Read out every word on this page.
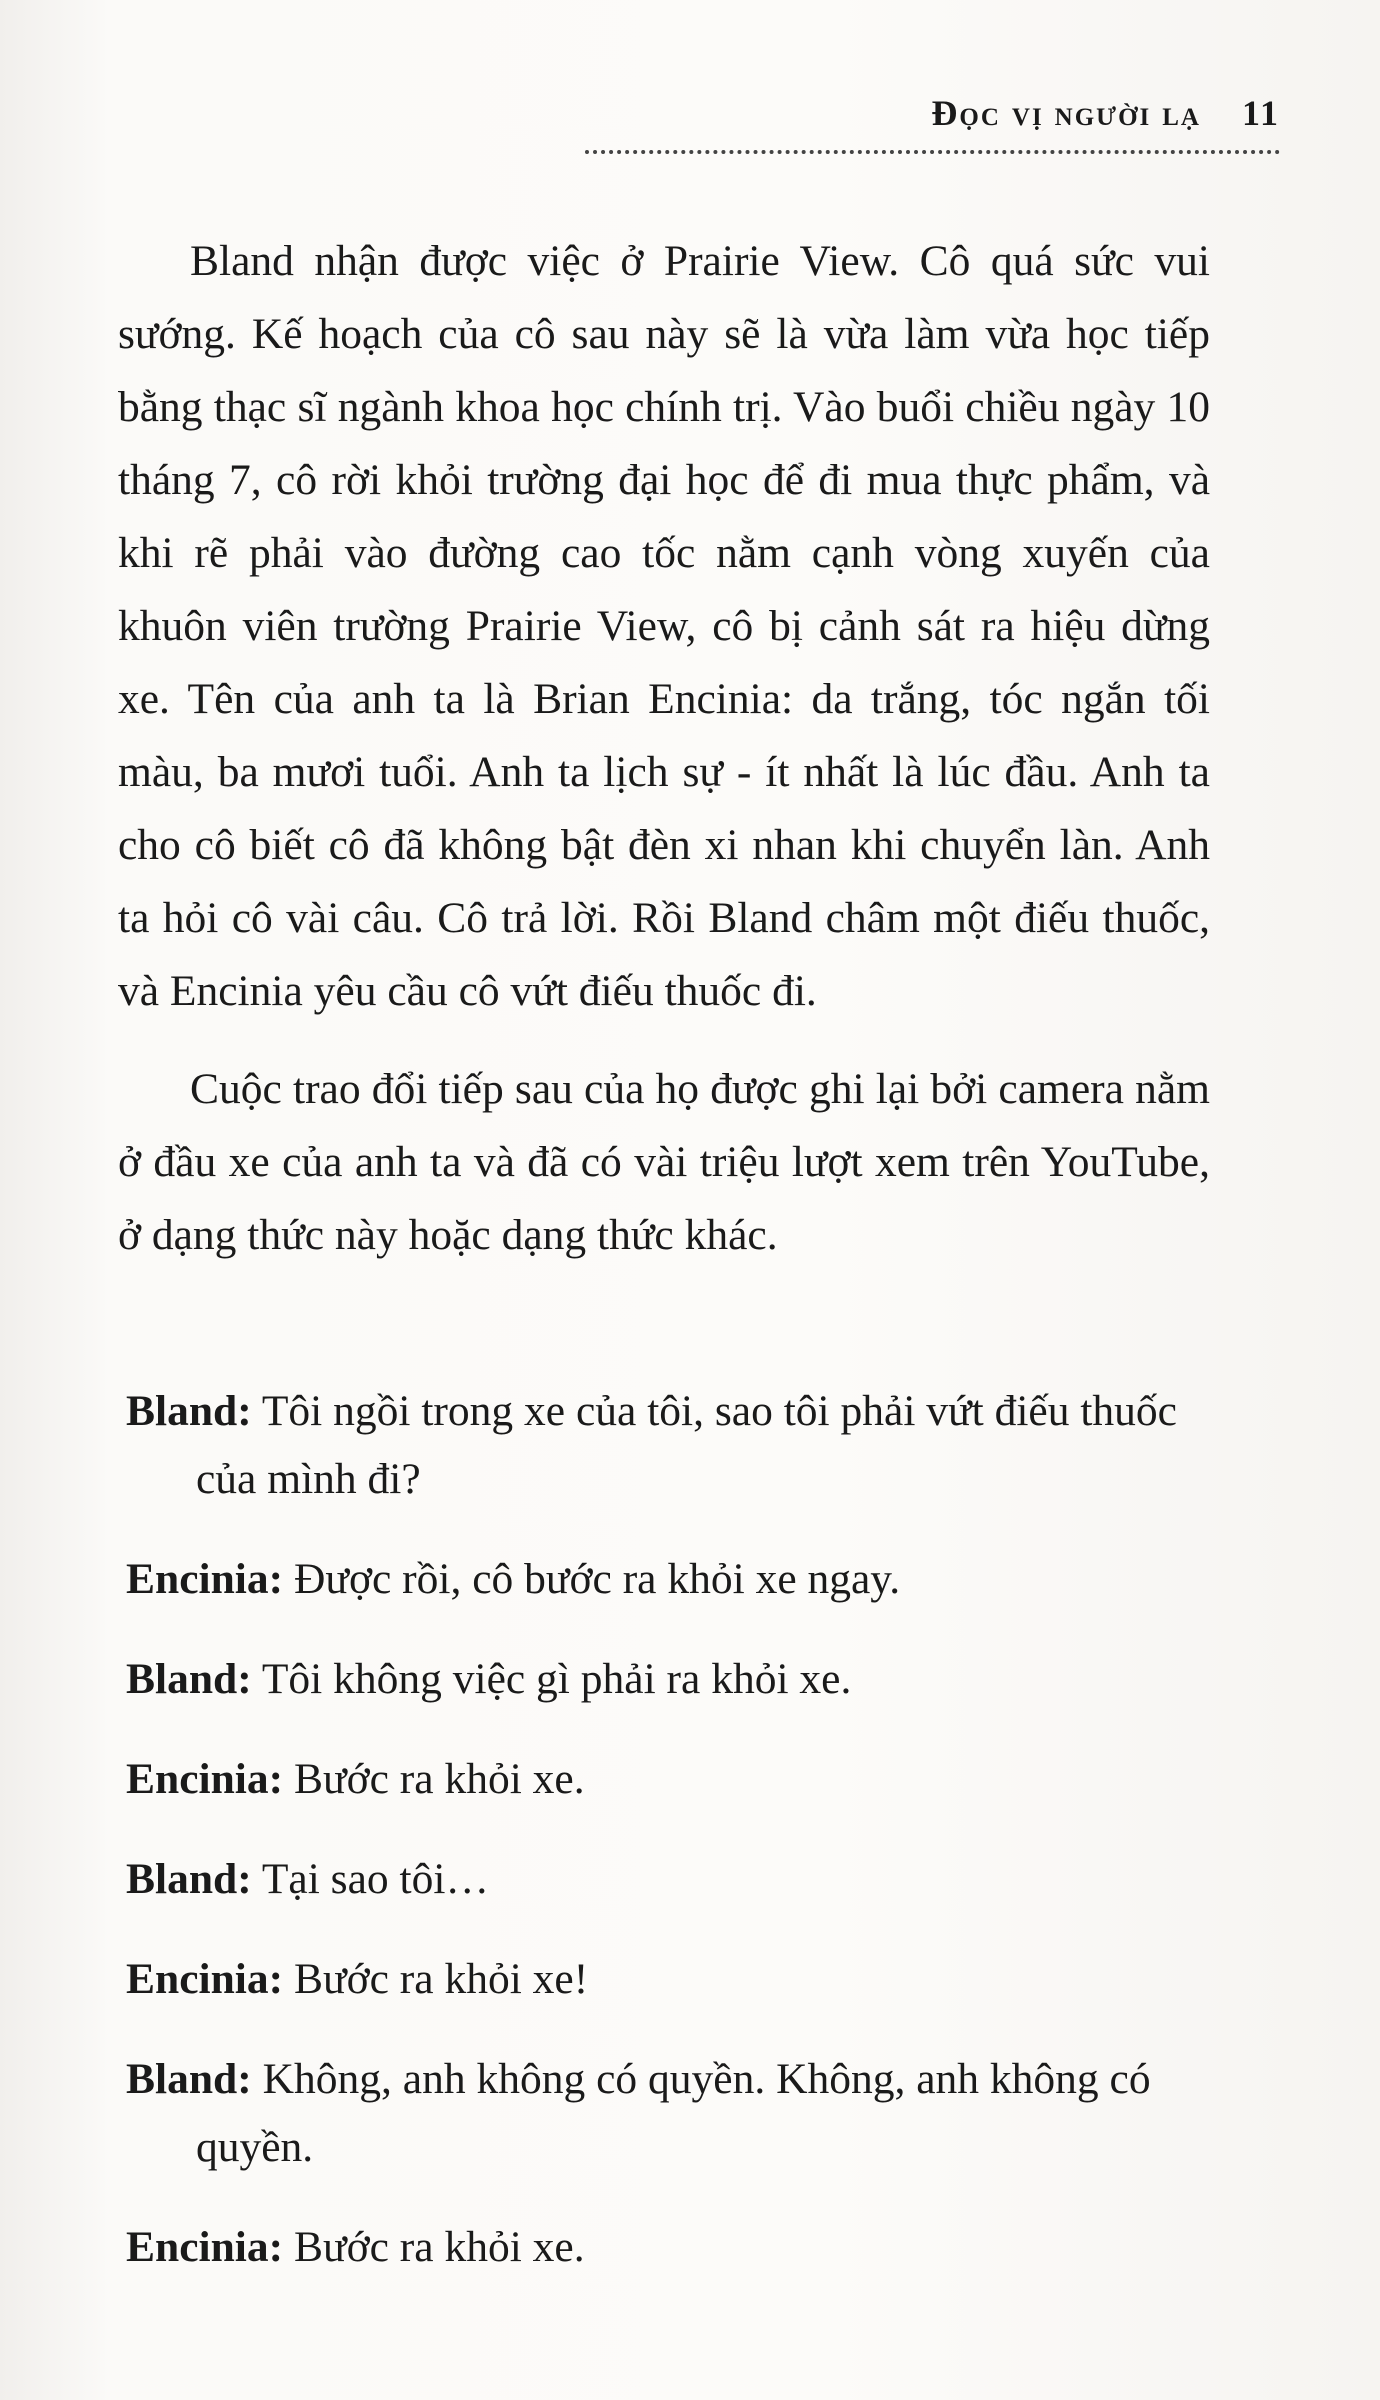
Đọc vị người lạ 11

Bland nhận được việc ở Prairie View. Cô quá sức vui sướng. Kế hoạch của cô sau này sẽ là vừa làm vừa học tiếp bằng thạc sĩ ngành khoa học chính trị. Vào buổi chiều ngày 10 tháng 7, cô rời khỏi trường đại học để đi mua thực phẩm, và khi rẽ phải vào đường cao tốc nằm cạnh vòng xuyến của khuôn viên trường Prairie View, cô bị cảnh sát ra hiệu dừng xe. Tên của anh ta là Brian Encinia: da trắng, tóc ngắn tối màu, ba mươi tuổi. Anh ta lịch sự - ít nhất là lúc đầu. Anh ta cho cô biết cô đã không bật đèn xi nhan khi chuyển làn. Anh ta hỏi cô vài câu. Cô trả lời. Rồi Bland châm một điếu thuốc, và Encinia yêu cầu cô vứt điếu thuốc đi.

Cuộc trao đổi tiếp sau của họ được ghi lại bởi camera nằm ở đầu xe của anh ta và đã có vài triệu lượt xem trên YouTube, ở dạng thức này hoặc dạng thức khác.

Bland: Tôi ngồi trong xe của tôi, sao tôi phải vứt điếu thuốc của mình đi?

Encinia: Được rồi, cô bước ra khỏi xe ngay.

Bland: Tôi không việc gì phải ra khỏi xe.

Encinia: Bước ra khỏi xe.

Bland: Tại sao tôi…

Encinia: Bước ra khỏi xe!

Bland: Không, anh không có quyền. Không, anh không có quyền.

Encinia: Bước ra khỏi xe.
